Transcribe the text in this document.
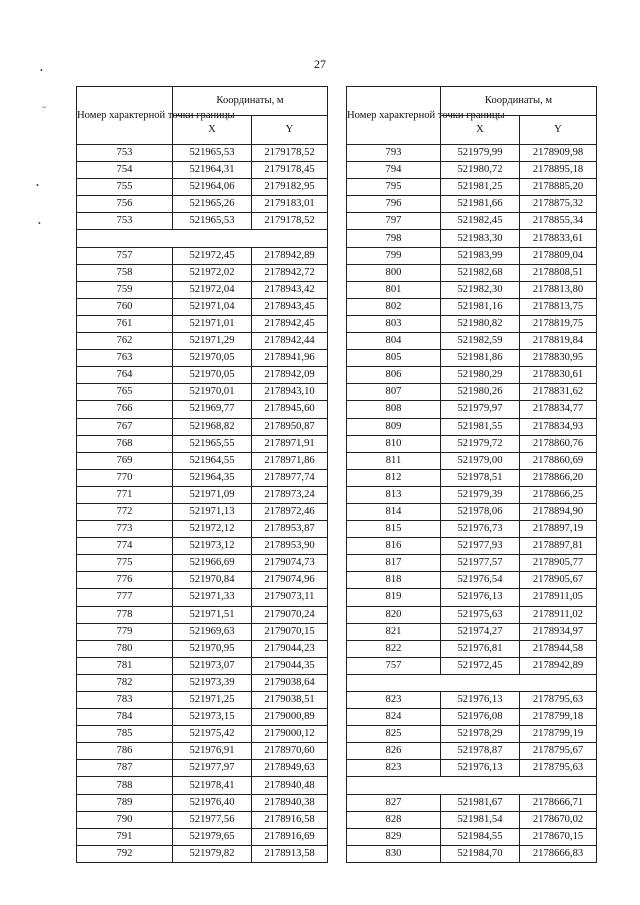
27
•
~
•
•
Номер характерной точки границы	Координаты, м	
	X	Y
753	521965,53	2179178,52
754	521964,31	2179178,45
755	521964,06	2179182,95
756	521965,26	2179183,01
753	521965,53	2179178,52

757	521972,45	2178942,89
758	521972,02	2178942,72
759	521972,04	2178943,42
760	521971,04	2178943,45
761	521971,01	2178942,45
762	521971,29	2178942,44
763	521970,05	2178941,96
764	521970,05	2178942,09
765	521970,01	2178943,10
766	521969,77	2178945,60
767	521968,82	2178950,87
768	521965,55	2178971,91
769	521964,55	2178971,86
770	521964,35	2178977,74
771	521971,09	2178973,24
772	521971,13	2178972,46
773	521972,12	2178953,87
774	521973,12	2178953,90
775	521966,69	2179074,73
776	521970,84	2179074,96
777	521971,33	2179073,11
778	521971,51	2179070,24
779	521969,63	2179070,15
780	521970,95	2179044,23
781	521973,07	2179044,35
782	521973,39	2179038,64
783	521971,25	2179038,51
784	521973,15	2179000,89
785	521975,42	2179000,12
786	521976,91	2178970,60
787	521977,97	2178949,63
788	521978,41	2178940,48
789	521976,40	2178940,38
790	521977,56	2178916,58
791	521979,65	2178916,69
792	521979,82	2178913,58
Номер характерной точки границы	Координаты, м	
	X	Y
793	521979,99	2178909,98
794	521980,72	2178895,18
795	521981,25	2178885,20
796	521981,66	2178875,32
797	521982,45	2178855,34
798	521983,30	2178833,61
799	521983,99	2178809,04
800	521982,68	2178808,51
801	521982,30	2178813,80
802	521981,16	2178813,75
803	521980,82	2178819,75
804	521982,59	2178819,84
805	521981,86	2178830,95
806	521980,29	2178830,61
807	521980,26	2178831,62
808	521979,97	2178834,77
809	521981,55	2178834,93
810	521979,72	2178860,76
811	521979,00	2178860,69
812	521978,51	2178866,20
813	521979,39	2178866,25
814	521978,06	2178894,90
815	521976,73	2178897,19
816	521977,93	2178897,81
817	521977,57	2178905,77
818	521976,54	2178905,67
819	521976,13	2178911,05
820	521975,63	2178911,02
821	521974,27	2178934,97
822	521976,81	2178944,58
757	521972,45	2178942,89

823	521976,13	2178795,63
824	521976,08	2178799,18
825	521978,29	2178799,19
826	521978,87	2178795,67
823	521976,13	2178795,63

827	521981,67	2178666,71
828	521981,54	2178670,02
829	521984,55	2178670,15
830	521984,70	2178666,83
